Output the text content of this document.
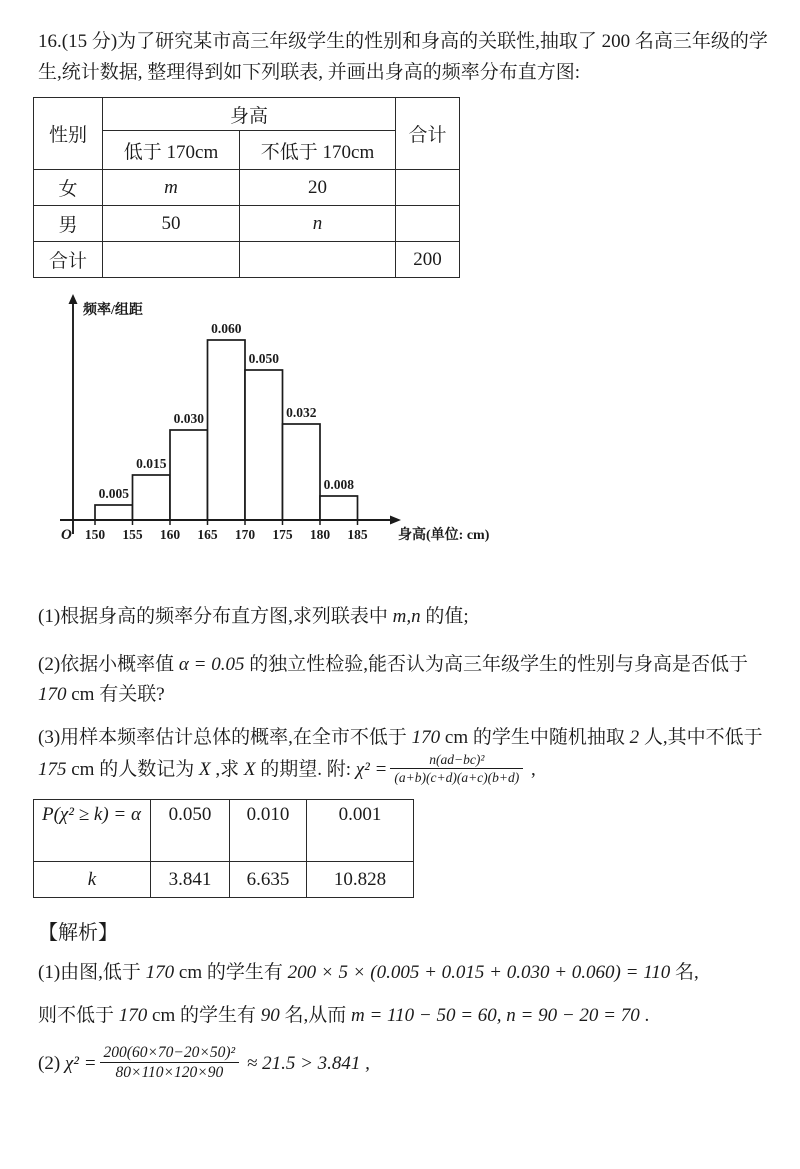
16.(15 分)为了研究某市高三年级学生的性别和身高的关联性,抽取了 200 名高三年级的学生,统计数据, 整理得到如下列联表, 并画出身高的频率分布直方图:

性别	身高		合计
	低于 170cm	不低于 170cm	
女	m	20	
男	50	n	
合计			200
0.005
0.015
0.030
0.060
0.050
0.032
0.008
150 155 160 165 170 175 180 185
O
频率/组距
身高(单位: cm)

(1)根据身高的频率分布直方图,求列联表中 m,n 的值;

(2)依据小概率值 α = 0.05 的独立性检验,能否认为高三年级学生的性别与身高是否低于 170 cm 有关联?

(3)用样本频率估计总体的概率,在全市不低于 170 cm 的学生中随机抽取 2 人,其中不低于 175 cm 的人数记为 X ,求 X 的期望. 附: $\chi^2 = \frac{\text{n(ad−bc)²}}{(a+b)(c+d)(a+c)(b+d)}$ ,

P(χ² ≥ k) = α	0.050	0.010	0.001
k	3.841	6.635	10.828

【解析】

(1)由图,低于 170 cm 的学生有 200 × 5 × (0.005 + 0.015 + 0.030 + 0.060) = 110 名,

则不低于 170 cm 的学生有 90 名,从而 m = 110 − 50 = 60, n = 90 − 20 = 70 .

(2) $\chi^2 = \frac{\text{200(60×70−20×50)²}}{80\times 110\times 120\times 90} \approx 21.5 > 3.841$ ,
